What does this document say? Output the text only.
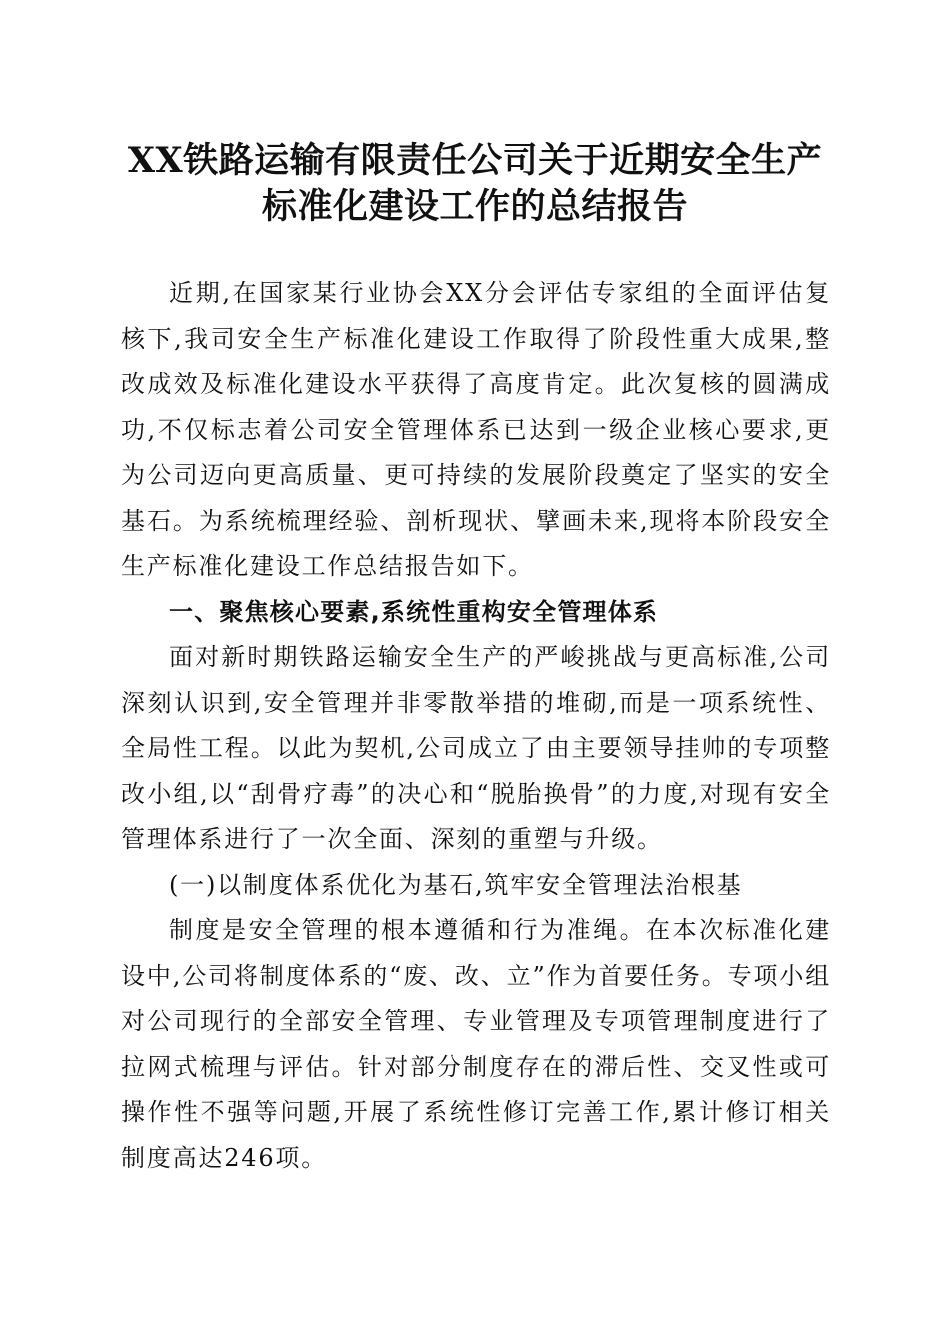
XX铁路运输有限责任公司关于近期安全生产
标准化建设工作的总结报告

近期,在国家某行业协会XX分会评估专家组的全面评估复核下,我司安全生产标准化建设工作取得了阶段性重大成果,整改成效及标准化建设水平获得了高度肯定。此次复核的圆满成功,不仅标志着公司安全管理体系已达到一级企业核心要求,更为公司迈向更高质量、更可持续的发展阶段奠定了坚实的安全基石。为系统梳理经验、剖析现状、擘画未来,现将本阶段安全生产标准化建设工作总结报告如下。

一、聚焦核心要素,系统性重构安全管理体系

面对新时期铁路运输安全生产的严峻挑战与更高标准,公司深刻认识到,安全管理并非零散举措的堆砌,而是一项系统性、全局性工程。以此为契机,公司成立了由主要领导挂帅的专项整改小组,以“刮骨疗毒”的决心和“脱胎换骨”的力度,对现有安全管理体系进行了一次全面、深刻的重塑与升级。

(一)以制度体系优化为基石,筑牢安全管理法治根基

制度是安全管理的根本遵循和行为准绳。在本次标准化建设中,公司将制度体系的“废、改、立”作为首要任务。专项小组对公司现行的全部安全管理、专业管理及专项管理制度进行了拉网式梳理与评估。针对部分制度存在的滞后性、交叉性或可操作性不强等问题,开展了系统性修订完善工作,累计修订相关制度高达246项。
